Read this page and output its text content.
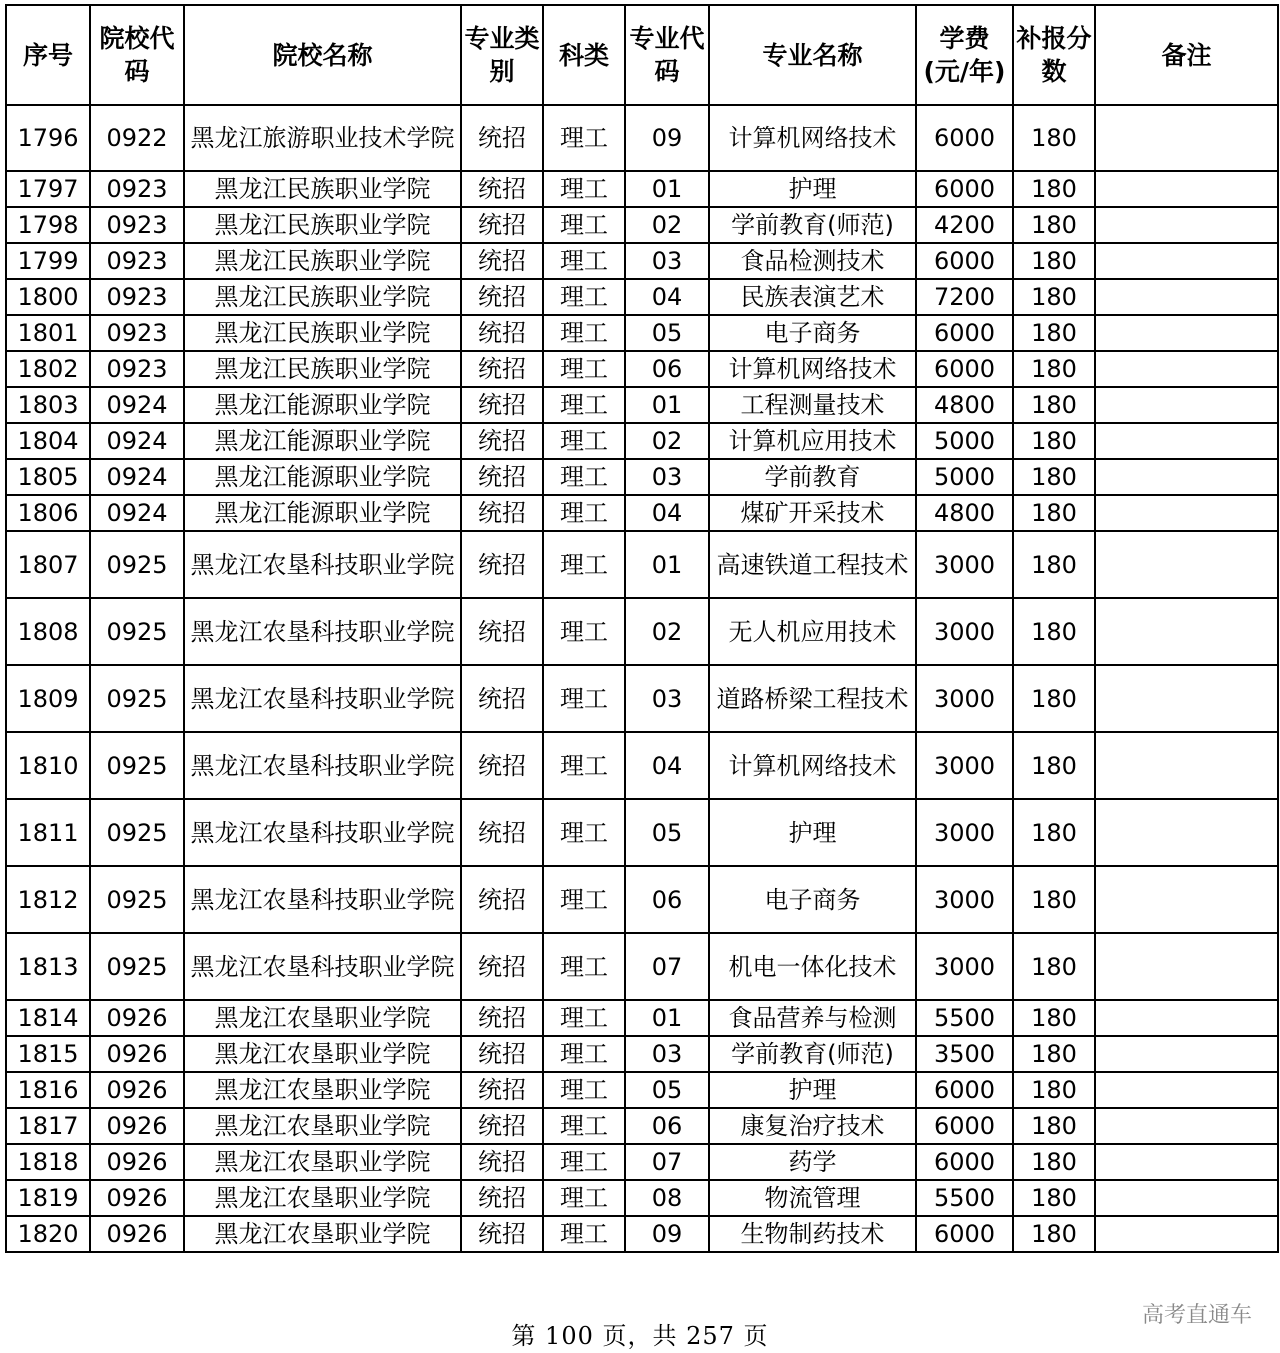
序号	院校代码	院校名称	专业类别	科类	专业代码	专业名称	学费(元/年)	补报分数	备注
1796	0922	黑龙江旅游职业技术学院	统招	理工	09	计算机网络技术	6000	180	
1797	0923	黑龙江民族职业学院	统招	理工	01	护理	6000	180	
1798	0923	黑龙江民族职业学院	统招	理工	02	学前教育(师范)	4200	180	
1799	0923	黑龙江民族职业学院	统招	理工	03	食品检测技术	6000	180	
1800	0923	黑龙江民族职业学院	统招	理工	04	民族表演艺术	7200	180	
1801	0923	黑龙江民族职业学院	统招	理工	05	电子商务	6000	180	
1802	0923	黑龙江民族职业学院	统招	理工	06	计算机网络技术	6000	180	
1803	0924	黑龙江能源职业学院	统招	理工	01	工程测量技术	4800	180	
1804	0924	黑龙江能源职业学院	统招	理工	02	计算机应用技术	5000	180	
1805	0924	黑龙江能源职业学院	统招	理工	03	学前教育	5000	180	
1806	0924	黑龙江能源职业学院	统招	理工	04	煤矿开采技术	4800	180	
1807	0925	黑龙江农垦科技职业学院	统招	理工	01	高速铁道工程技术	3000	180	
1808	0925	黑龙江农垦科技职业学院	统招	理工	02	无人机应用技术	3000	180	
1809	0925	黑龙江农垦科技职业学院	统招	理工	03	道路桥梁工程技术	3000	180	
1810	0925	黑龙江农垦科技职业学院	统招	理工	04	计算机网络技术	3000	180	
1811	0925	黑龙江农垦科技职业学院	统招	理工	05	护理	3000	180	
1812	0925	黑龙江农垦科技职业学院	统招	理工	06	电子商务	3000	180	
1813	0925	黑龙江农垦科技职业学院	统招	理工	07	机电一体化技术	3000	180	
1814	0926	黑龙江农垦职业学院	统招	理工	01	食品营养与检测	5500	180	
1815	0926	黑龙江农垦职业学院	统招	理工	03	学前教育(师范)	3500	180	
1816	0926	黑龙江农垦职业学院	统招	理工	05	护理	6000	180	
1817	0926	黑龙江农垦职业学院	统招	理工	06	康复治疗技术	6000	180	
1818	0926	黑龙江农垦职业学院	统招	理工	07	药学	6000	180	
1819	0926	黑龙江农垦职业学院	统招	理工	08	物流管理	5500	180	
1820	0926	黑龙江农垦职业学院	统招	理工	09	生物制药技术	6000	180	
第 100 页，共 257 页
高考直通车
